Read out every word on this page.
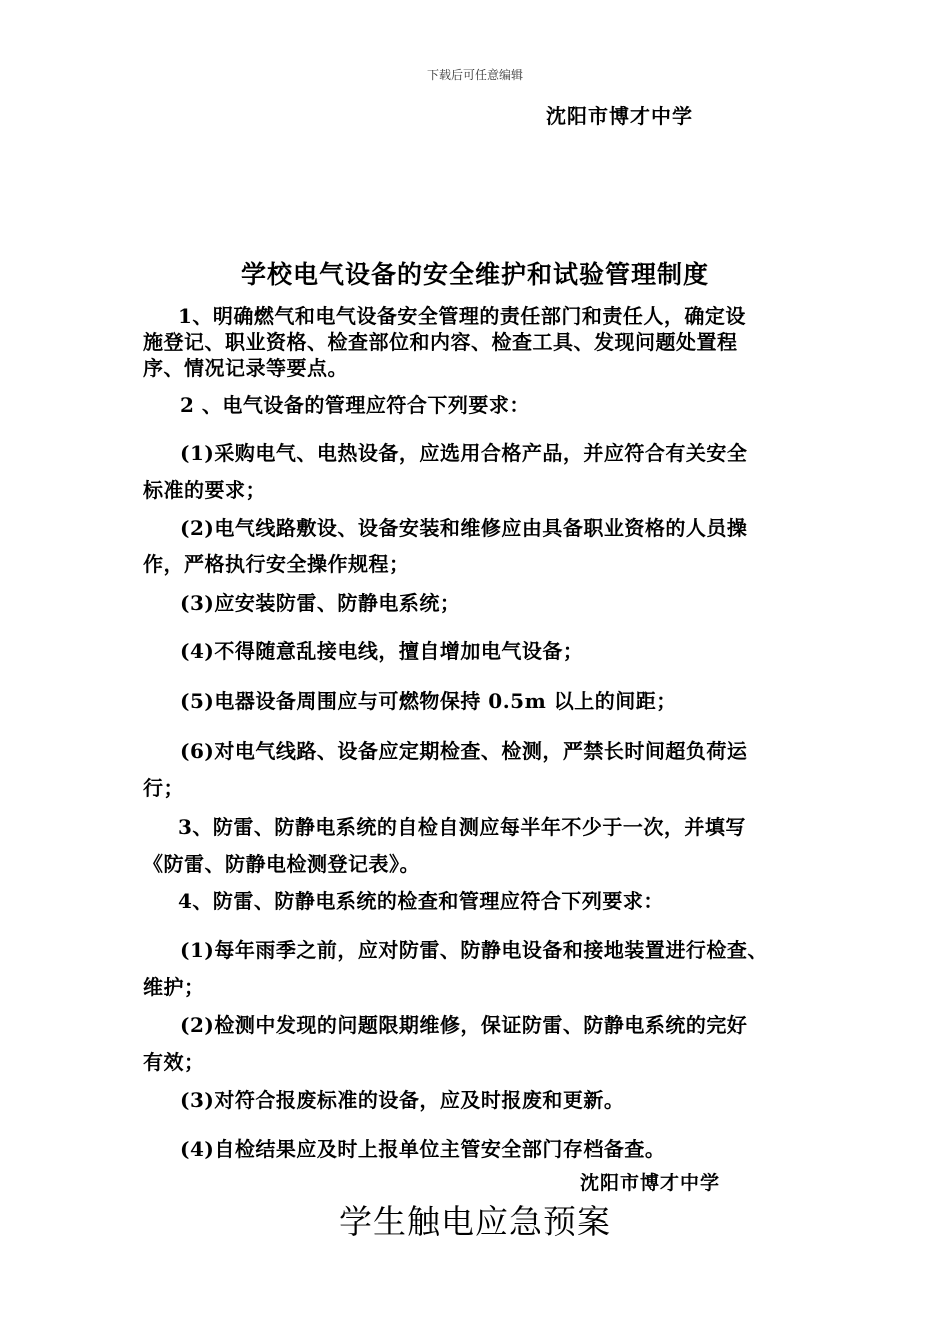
下载后可任意编辑
沈阳市博才中学
学校电气设备的安全维护和试验管理制度
1、明确燃气和电气设备安全管理的责任部门和责任人，确定设
施登记、职业资格、检查部位和内容、检查工具、发现问题处置程
序、情况记录等要点。
2 、电气设备的管理应符合下列要求：
(1)采购电气、电热设备，应选用合格产品，并应符合有关安全
标准的要求；
(2)电气线路敷设、设备安装和维修应由具备职业资格的人员操
作，严格执行安全操作规程；
(3)应安装防雷、防静电系统；
(4)不得随意乱接电线，擅自增加电气设备；
(5)电器设备周围应与可燃物保持 0.5m 以上的间距；
(6)对电气线路、设备应定期检查、检测，严禁长时间超负荷运
行；
3、防雷、防静电系统的自检自测应每半年不少于一次，并填写
《防雷、防静电检测登记表》。
4、防雷、防静电系统的检查和管理应符合下列要求：
(1)每年雨季之前，应对防雷、防静电设备和接地装置进行检查、
维护；
(2)检测中发现的问题限期维修，保证防雷、防静电系统的完好
有效；
(3)对符合报废标准的设备，应及时报废和更新。
(4)自检结果应及时上报单位主管安全部门存档备查。
沈阳市博才中学
学生触电应急预案
